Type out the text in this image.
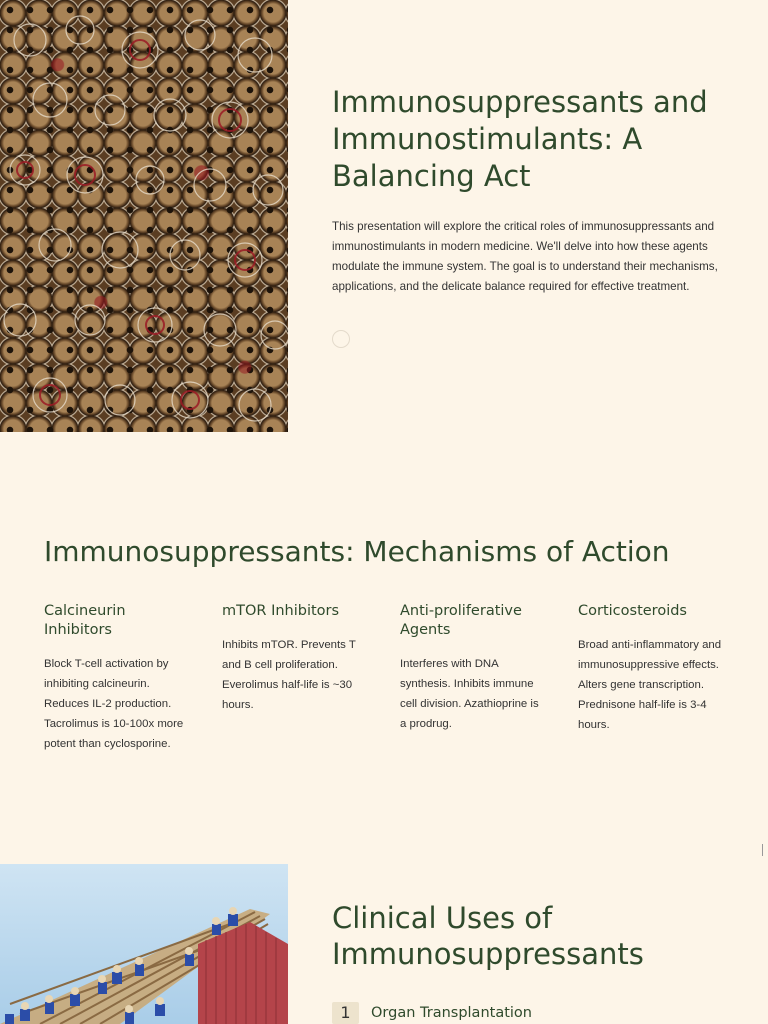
Immunosuppressants and Immunostimulants: A Balancing Act

This presentation will explore the critical roles of immunosuppressants and immunostimulants in modern medicine. We'll delve into how these agents modulate the immune system. The goal is to understand their mechanisms, applications, and the delicate balance required for effective treatment.

Immunosuppressants: Mechanisms of Action
Calcineurin Inhibitors

Block T-cell activation by inhibiting calcineurin. Reduces IL-2 production. Tacrolimus is 10-100x more potent than cyclosporine.

mTOR Inhibitors

Inhibits mTOR. Prevents T and B cell proliferation. Everolimus half-life is ~30 hours.

Anti-proliferative Agents

Interferes with DNA synthesis. Inhibits immune cell division. Azathioprine is a prodrug.

Corticosteroids

Broad anti-inflammatory and immunosuppressive effects. Alters gene transcription. Prednisone half-life is 3-4 hours.

Clinical Uses of Immunosuppressants
1	Organ Transplantation
